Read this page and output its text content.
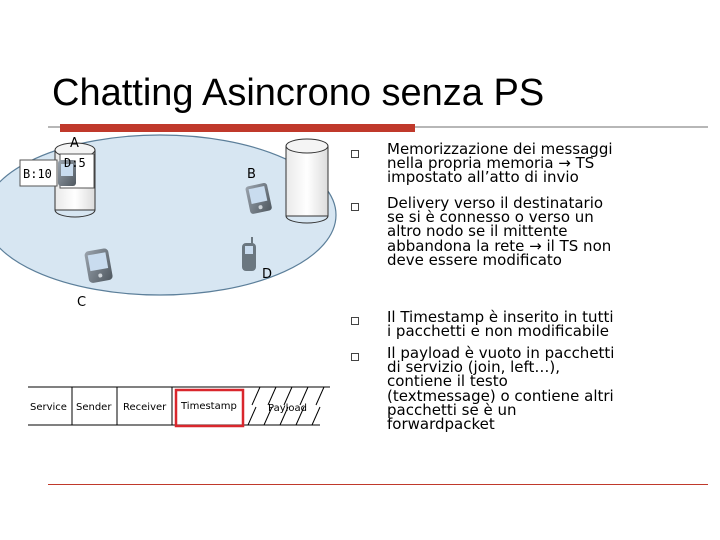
Chatting Asincrono senza PS
B:10
D:5
A
B
D
C
Service Sender Receiver Timestamp	Payload
Memorizzazione dei messaggi
nella propria memoria → TS
impostato all’atto di invio
Delivery verso il destinatario
se si è connesso o verso un
altro nodo se il mittente
abbandona la rete → il TS non
deve essere modificato
Il Timestamp è inserito in tutti
i pacchetti e non modificabile
Il payload è vuoto in pacchetti
di servizio (join, left…),
contiene il testo
(textmessage) o contiene altri
pacchetti se è un
forwardpacket
